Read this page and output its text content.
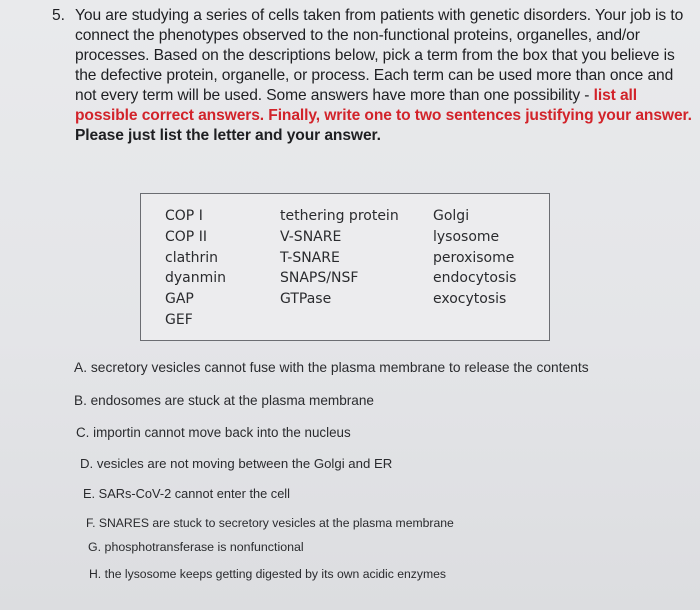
5. You are studying a series of cells taken from patients with genetic disorders. Your job is to connect the phenotypes observed to the non-functional proteins, organelles, and/or processes. Based on the descriptions below, pick a term from the box that you believe is the defective protein, organelle, or process. Each term can be used more than once and not every term will be used. Some answers have more than one possibility - list all possible correct answers. Finally, write one to two sentences justifying your answer. Please just list the letter and your answer.
COP I
COP II
clathrin
dyanmin
GAP
GEF
tethering protein
V-SNARE
T-SNARE
SNAPS/NSF
GTPase
Golgi
lysosome
peroxisome
endocytosis
exocytosis
A. secretory vesicles cannot fuse with the plasma membrane to release the contents
B. endosomes are stuck at the plasma membrane
C. importin cannot move back into the nucleus
D. vesicles are not moving between the Golgi and ER
E. SARs-CoV-2 cannot enter the cell
F. SNARES are stuck to secretory vesicles at the plasma membrane
G. phosphotransferase is nonfunctional
H. the lysosome keeps getting digested by its own acidic enzymes
